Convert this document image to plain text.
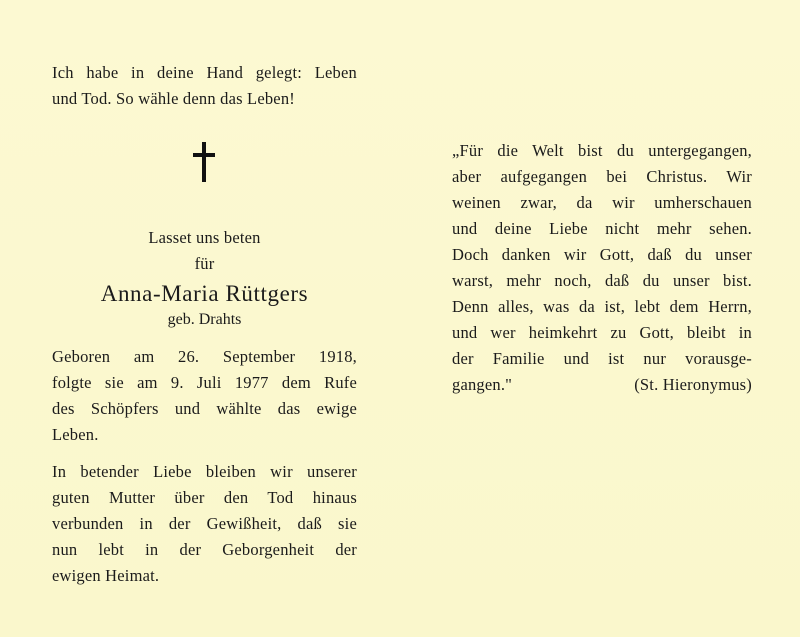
Ich habe in deine Hand gelegt: Leben
und Tod. So wähle denn das Leben!
Lasset uns beten
für
Anna-Maria Rüttgers
geb. Drahts
Geboren am 26. September 1918,
folgte sie am 9. Juli 1977 dem Rufe
des Schöpfers und wählte das ewige
Leben.
In betender Liebe bleiben wir unserer
guten Mutter über den Tod hinaus
verbunden in der Gewißheit, daß sie
nun lebt in der Geborgenheit der
ewigen Heimat.
„Für die Welt bist du untergegangen,
aber aufgegangen bei Christus. Wir
weinen zwar, da wir umherschauen
und deine Liebe nicht mehr sehen.
Doch danken wir Gott, daß du unser
warst, mehr noch, daß du unser bist.
Denn alles, was da ist, lebt dem Herrn,
und wer heimkehrt zu Gott, bleibt in
der Familie und ist nur vorausge-
gangen."	(St. Hieronymus)
